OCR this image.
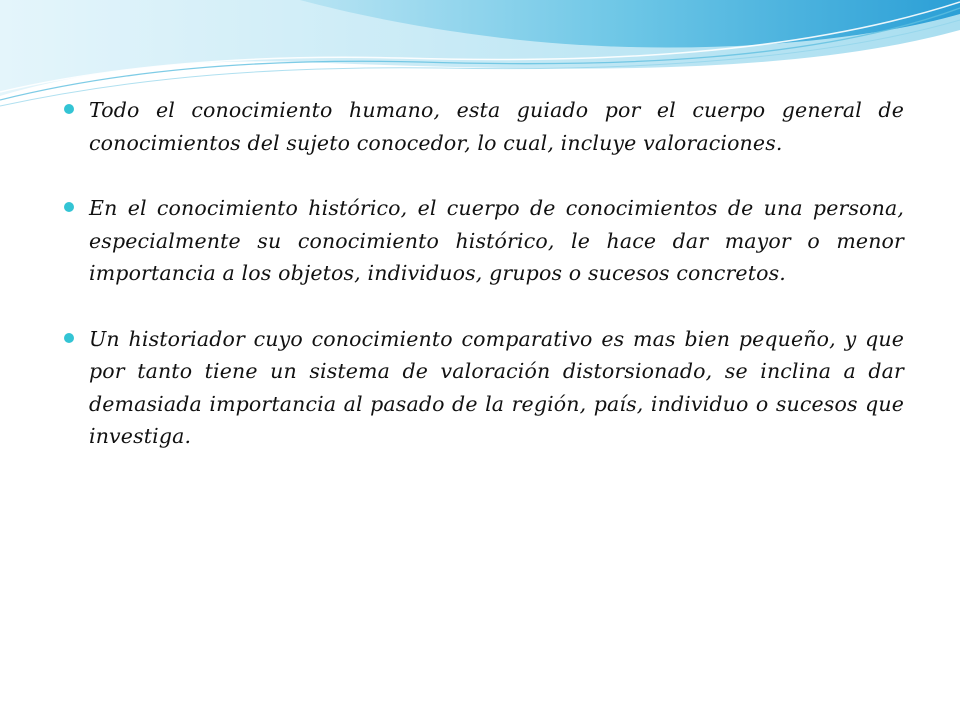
Todo el conocimiento humano, esta guiado por el cuerpo general de conocimientos del sujeto conocedor, lo cual, incluye valoraciones.
En el conocimiento histórico, el cuerpo de conocimientos de una persona, especialmente su conocimiento histórico, le hace dar mayor o menor importancia a los objetos, individuos, grupos o sucesos concretos.
Un historiador cuyo conocimiento comparativo es mas bien pequeño, y que por tanto tiene un sistema de valoración distorsionado, se inclina a dar demasiada importancia al pasado de la región, país, individuo o sucesos que investiga.
